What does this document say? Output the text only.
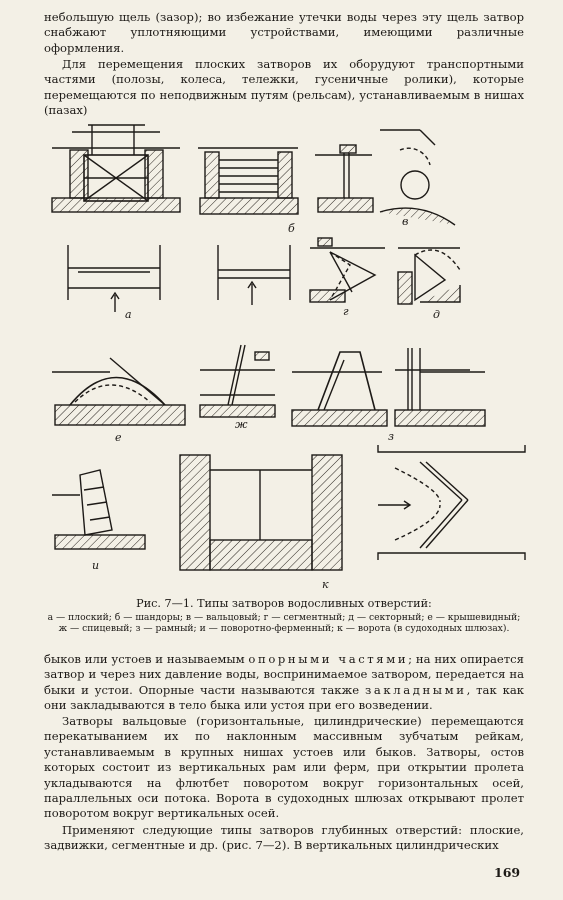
небольшую щель (зазор); во избежание утечки воды через эту щель затвор снабжают уплотняющими устройствами, имеющими различные оформления.

Для перемещения плоских затворов их оборудуют транспортными частями (полозы, колеса, тележки, гусеничные ролики), которые перемещаются по неподвижным путям (рельсам), устанавливаемым в нишах (пазах)

а
б
в
г	д
е
ж
з
и
к
Рис. 7—1. Типы затворов водосливных отверстий:
а — плоский; б — шандоры; в — вальцовый; г — сегментный; д — секторный; е — крышевидный; ж — спицевый; з — рамный; и — поворотно-ферменный; к — ворота (в судоходных шлюзах).

быков или устоев и называемым опорными частями; на них опирается затвор и через них давление воды, воспринимаемое затвором, передается на быки и устои. Опорные части называются также закладными, так как они закладываются в тело быка или устоя при его возведении.

Затворы вальцовые (горизонтальные, цилиндрические) перемещаются перекатыванием их по наклонным массивным зубчатым рейкам, устанавливаемым в крупных нишах устоев или быков. Затворы, остов которых состоит из вертикальных рам или ферм, при открытии пролета укладываются на флютбет поворотом вокруг горизонтальных осей, параллельных оси потока. Ворота в судоходных шлюзах открывают пролет поворотом вокруг вертикальных осей.

Применяют следующие типы затворов глубинных отверстий: плоские, задвижки, сегментные и др. (рис. 7—2). В вертикальных цилиндрических

169
